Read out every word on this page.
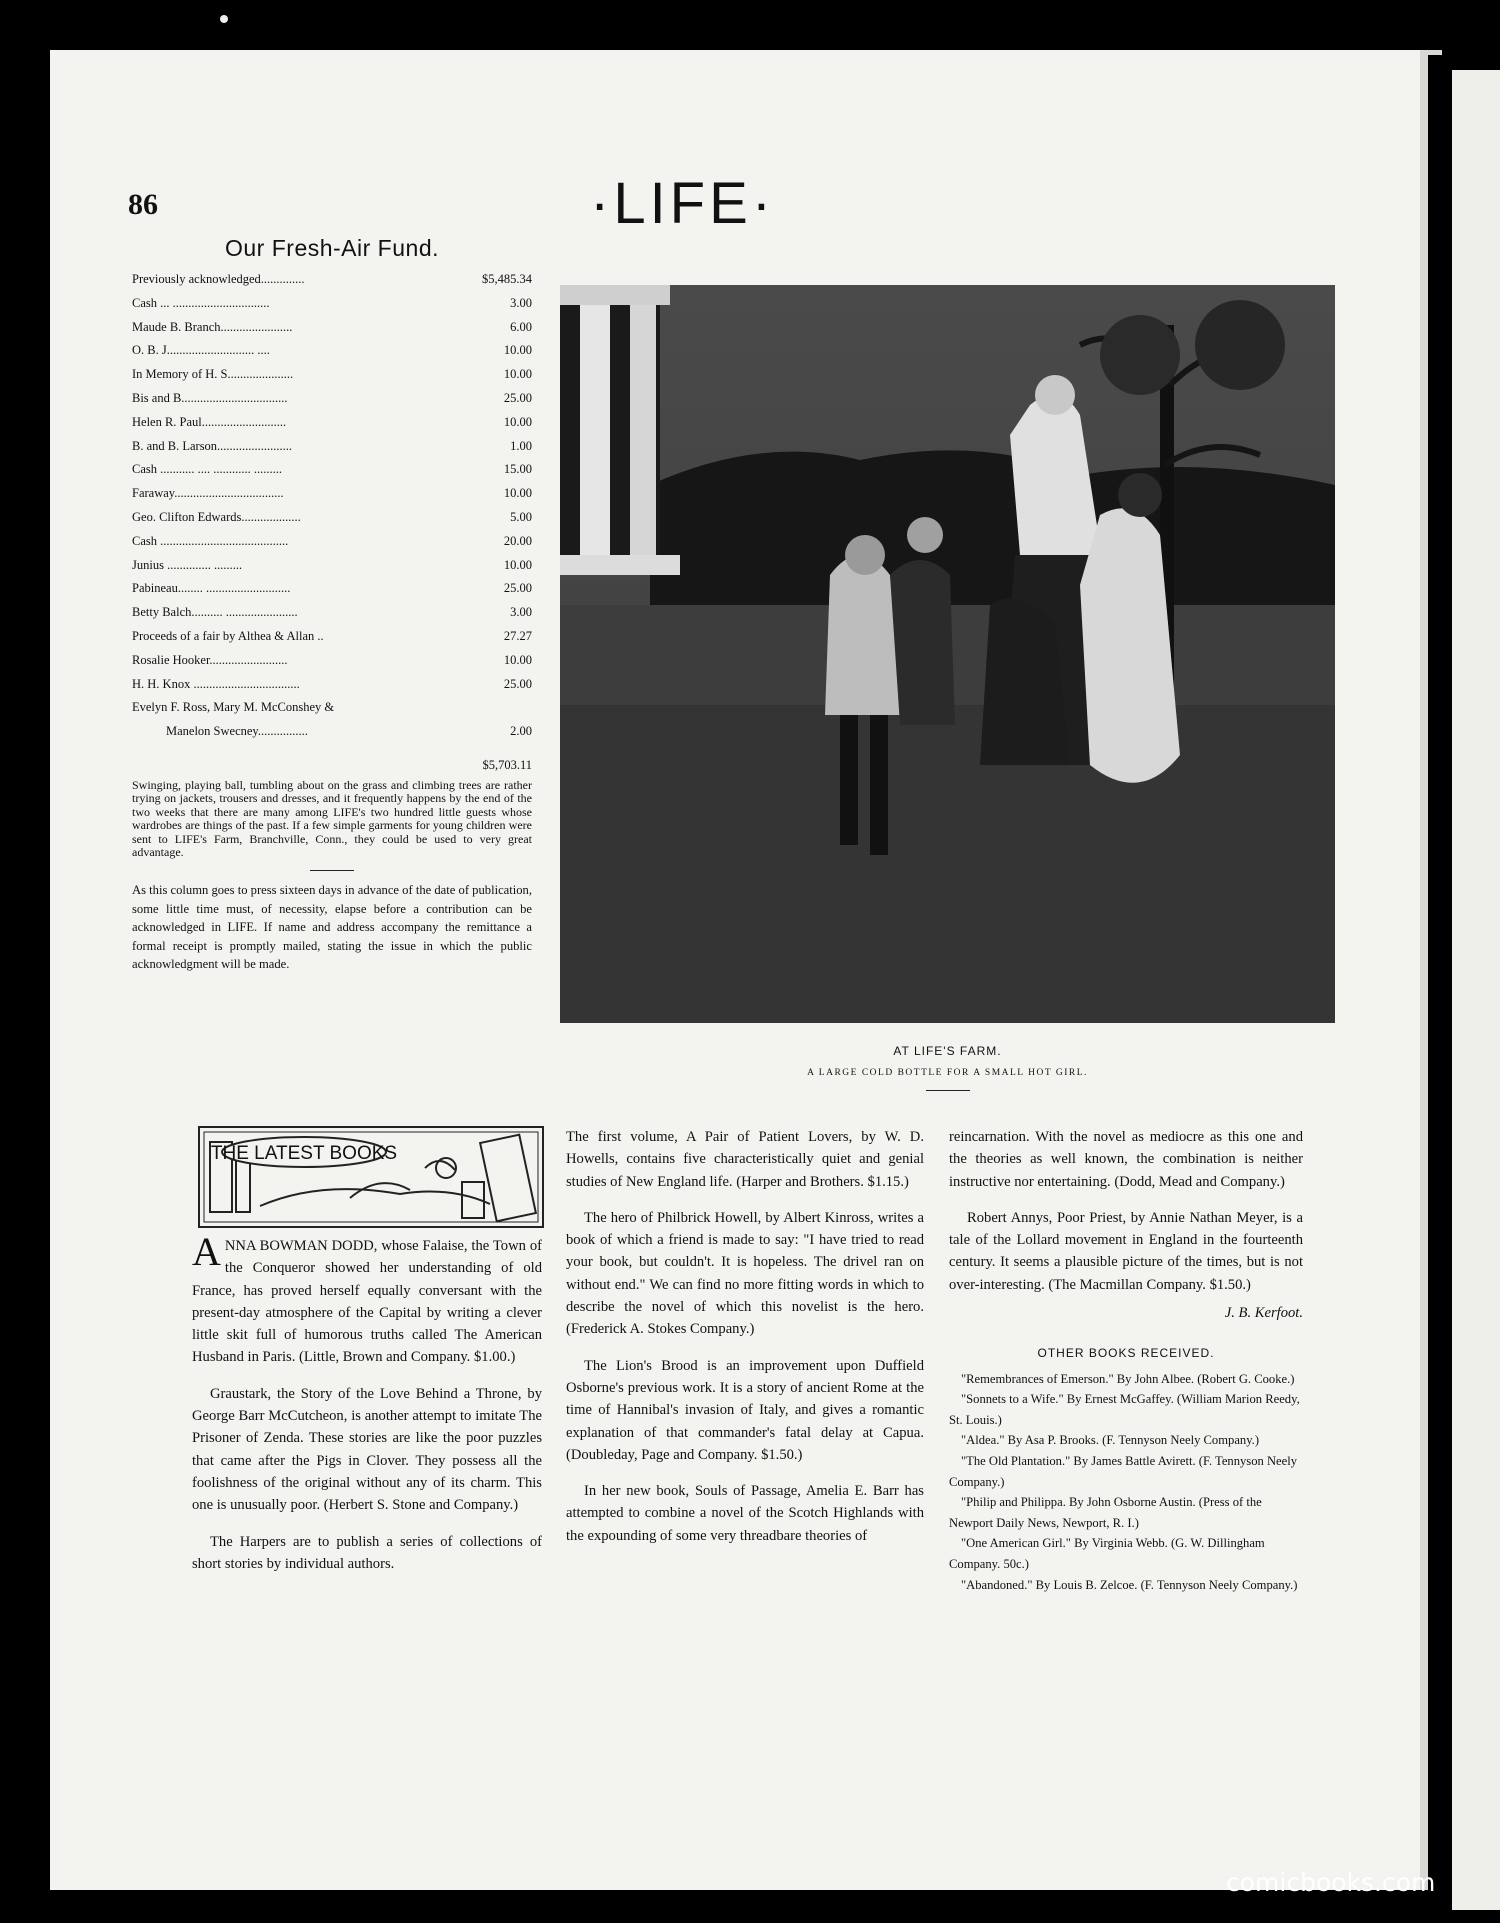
86	·LIFE·
Our Fresh-Air Fund.
Previously acknowledged..............	$5,485.34
Cash ... ...............................	3.00
Maude B. Branch.......................	6.00
O. B. J............................ ....	10.00
In Memory of H. S.....................	10.00
Bis and B..................................	25.00
Helen R. Paul...........................	10.00
B. and B. Larson........................	1.00
Cash ........... .... ............ .........	15.00
Faraway...................................	10.00
Geo. Clifton Edwards...................	5.00
Cash .........................................	20.00
Junius .............. .........	10.00
Pabineau........ ...........................	25.00
Betty Balch.......... .......................	3.00
Proceeds of a fair by Althea & Allan ..	27.27
Rosalie Hooker.........................	10.00
H. H. Knox ..................................	25.00
Evelyn F. Ross, Mary M. McConshey &
Manelon Swecney................	2.00
$5,703.11
Swinging, playing ball, tumbling about on the grass and climbing trees are rather trying on jackets, trousers and dresses, and it frequently happens by the end of the two weeks that there are many among LIFE's two hundred little guests whose wardrobes are things of the past. If a few simple garments for young children were sent to LIFE's Farm, Branchville, Conn., they could be used to very great advantage.
As this column goes to press sixteen days in advance of the date of publication, some little time must, of necessity, elapse before a contribution can be acknowledged in LIFE. If name and address accompany the remittance a formal receipt is promptly mailed, stating the issue in which the public acknowledgment will be made.
AT LIFE'S FARM.
A LARGE COLD BOTTLE FOR A SMALL HOT GIRL.
THE LATEST BOOKS

ANNA BOWMAN DODD, whose Falaise, the Town of the Conqueror showed her understanding of old France, has proved herself equally conversant with the present-day atmosphere of the Capital by writing a clever little skit full of humorous truths called The American Husband in Paris. (Little, Brown and Company. $1.00.)

Graustark, the Story of the Love Behind a Throne, by George Barr McCutcheon, is another attempt to imitate The Prisoner of Zenda. These stories are like the poor puzzles that came after the Pigs in Clover. They possess all the foolishness of the original without any of its charm. This one is unusually poor. (Herbert S. Stone and Company.)

The Harpers are to publish a series of collections of short stories by individual authors.

The first volume, A Pair of Patient Lovers, by W. D. Howells, contains five characteristically quiet and genial studies of New England life. (Harper and Brothers. $1.15.)

The hero of Philbrick Howell, by Albert Kinross, writes a book of which a friend is made to say: "I have tried to read your book, but couldn't. It is hopeless. The drivel ran on without end." We can find no more fitting words in which to describe the novel of which this novelist is the hero. (Frederick A. Stokes Company.)

The Lion's Brood is an improvement upon Duffield Osborne's previous work. It is a story of ancient Rome at the time of Hannibal's invasion of Italy, and gives a romantic explanation of that commander's fatal delay at Capua. (Doubleday, Page and Company. $1.50.)

In her new book, Souls of Passage, Amelia E. Barr has attempted to combine a novel of the Scotch Highlands with the expounding of some very threadbare theories of

reincarnation. With the novel as mediocre as this one and the theories as well known, the combination is neither instructive nor entertaining. (Dodd, Mead and Company.)

Robert Annys, Poor Priest, by Annie Nathan Meyer, is a tale of the Lollard movement in England in the fourteenth century. It seems a plausible picture of the times, but is not over-interesting. (The Macmillan Company. $1.50.)

J. B. Kerfoot.
OTHER BOOKS RECEIVED.
"Remembrances of Emerson." By John Albee. (Robert G. Cooke.)
"Sonnets to a Wife." By Ernest McGaffey. (William Marion Reedy, St. Louis.)
"Aldea." By Asa P. Brooks. (F. Tennyson Neely Company.)
"The Old Plantation." By James Battle Avirett. (F. Tennyson Neely Company.)
"Philip and Philippa. By John Osborne Austin. (Press of the Newport Daily News, Newport, R. I.)
"One American Girl." By Virginia Webb. (G. W. Dillingham Company. 50c.)
"Abandoned." By Louis B. Zelcoe. (F. Tennyson Neely Company.)
comicbooks.com
